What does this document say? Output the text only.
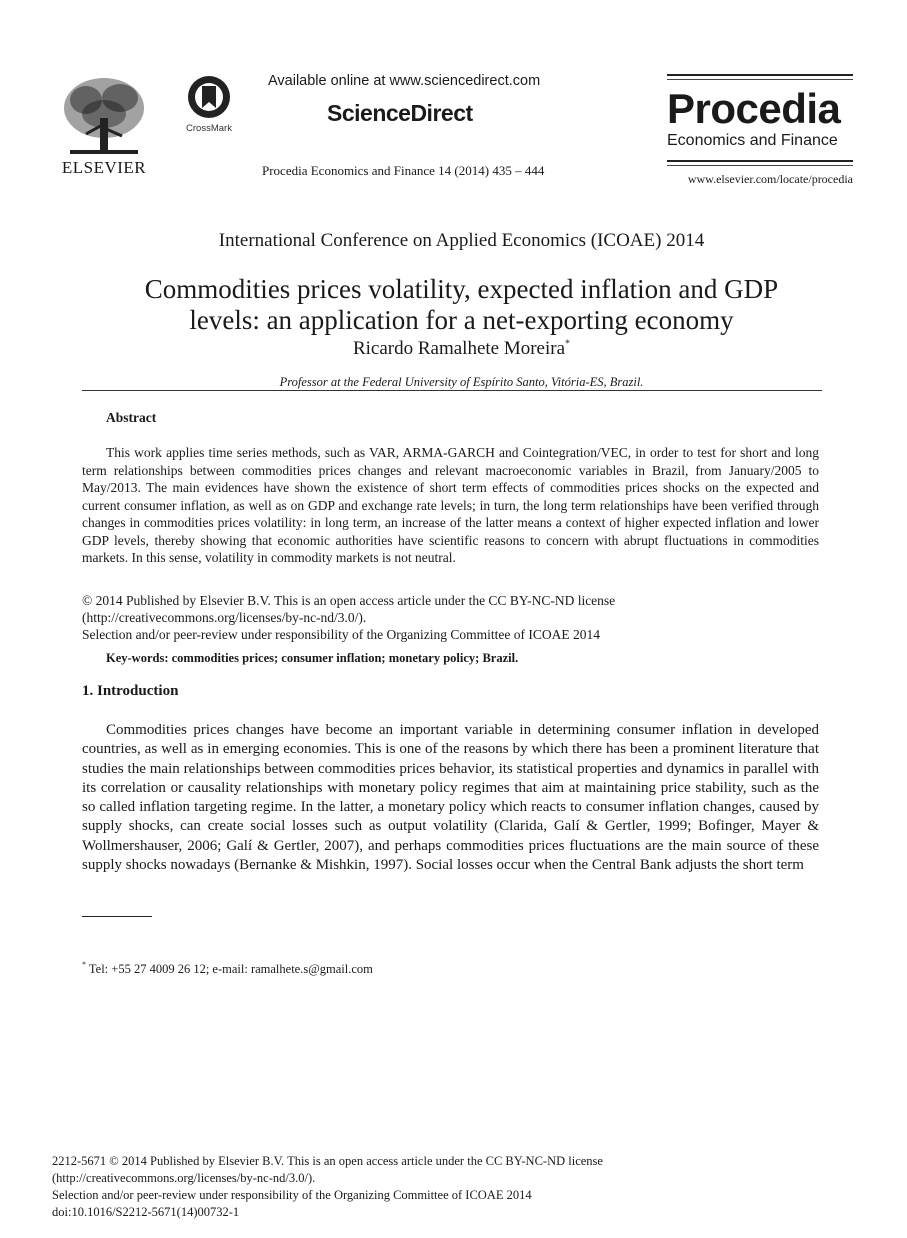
ELSEVIER
CrossMark
Available online at www.sciencedirect.com
ScienceDirect
Procedia Economics and Finance 14 (2014) 435 – 444
Procedia
Economics and Finance
www.elsevier.com/locate/procedia
International Conference on Applied Economics (ICOAE) 2014
Commodities prices volatility, expected inflation and GDP
levels: an application for a net-exporting economy
Ricardo Ramalhete Moreira*
Professor at the Federal University of Espírito Santo, Vitória-ES, Brazil.
Abstract

This work applies time series methods, such as VAR, ARMA-GARCH and Cointegration/VEC, in order to test for short and long term relationships between commodities prices changes and relevant macroeconomic variables in Brazil, from January/2005 to May/2013. The main evidences have shown the existence of short term effects of commodities prices shocks on the expected and current consumer inflation, as well as on GDP and exchange rate levels; in turn, the long term relationships have been verified through changes in commodities prices volatility: in long term, an increase of the latter means a context of higher expected inflation and lower GDP levels, thereby showing that economic authorities have scientific reasons to concern with abrupt fluctuations in commodities markets. In this sense, volatility in commodity markets is not neutral.

© 2014 Published by Elsevier B.V. This is an open access article under the CC BY-NC-ND license
(http://creativecommons.org/licenses/by-nc-nd/3.0/).
Selection and/or peer-review under responsibility of the Organizing Committee of ICOAE 2014
Key-words: commodities prices; consumer inflation; monetary policy; Brazil.
1. Introduction

Commodities prices changes have become an important variable in determining consumer inflation in developed countries, as well as in emerging economies. This is one of the reasons by which there has been a prominent literature that studies the main relationships between commodities prices behavior, its statistical properties and dynamics in parallel with its correlation or causality relationships with monetary policy regimes that aim at maintaining price stability, such as the so called inflation targeting regime. In the latter, a monetary policy which reacts to consumer inflation changes, caused by supply shocks, can create social losses such as output volatility (Clarida, Galí & Gertler, 1999; Bofinger, Mayer & Wollmershauser, 2006; Galí & Gertler, 2007), and perhaps commodities prices fluctuations are the main source of these supply shocks nowadays (Bernanke & Mishkin, 1997). Social losses occur when the Central Bank adjusts the short term

* Tel: +55 27 4009 26 12; e-mail: ramalhete.s@gmail.com
2212-5671 © 2014 Published by Elsevier B.V. This is an open access article under the CC BY-NC-ND license
(http://creativecommons.org/licenses/by-nc-nd/3.0/).
Selection and/or peer-review under responsibility of the Organizing Committee of ICOAE 2014
doi:10.1016/S2212-5671(14)00732-1
